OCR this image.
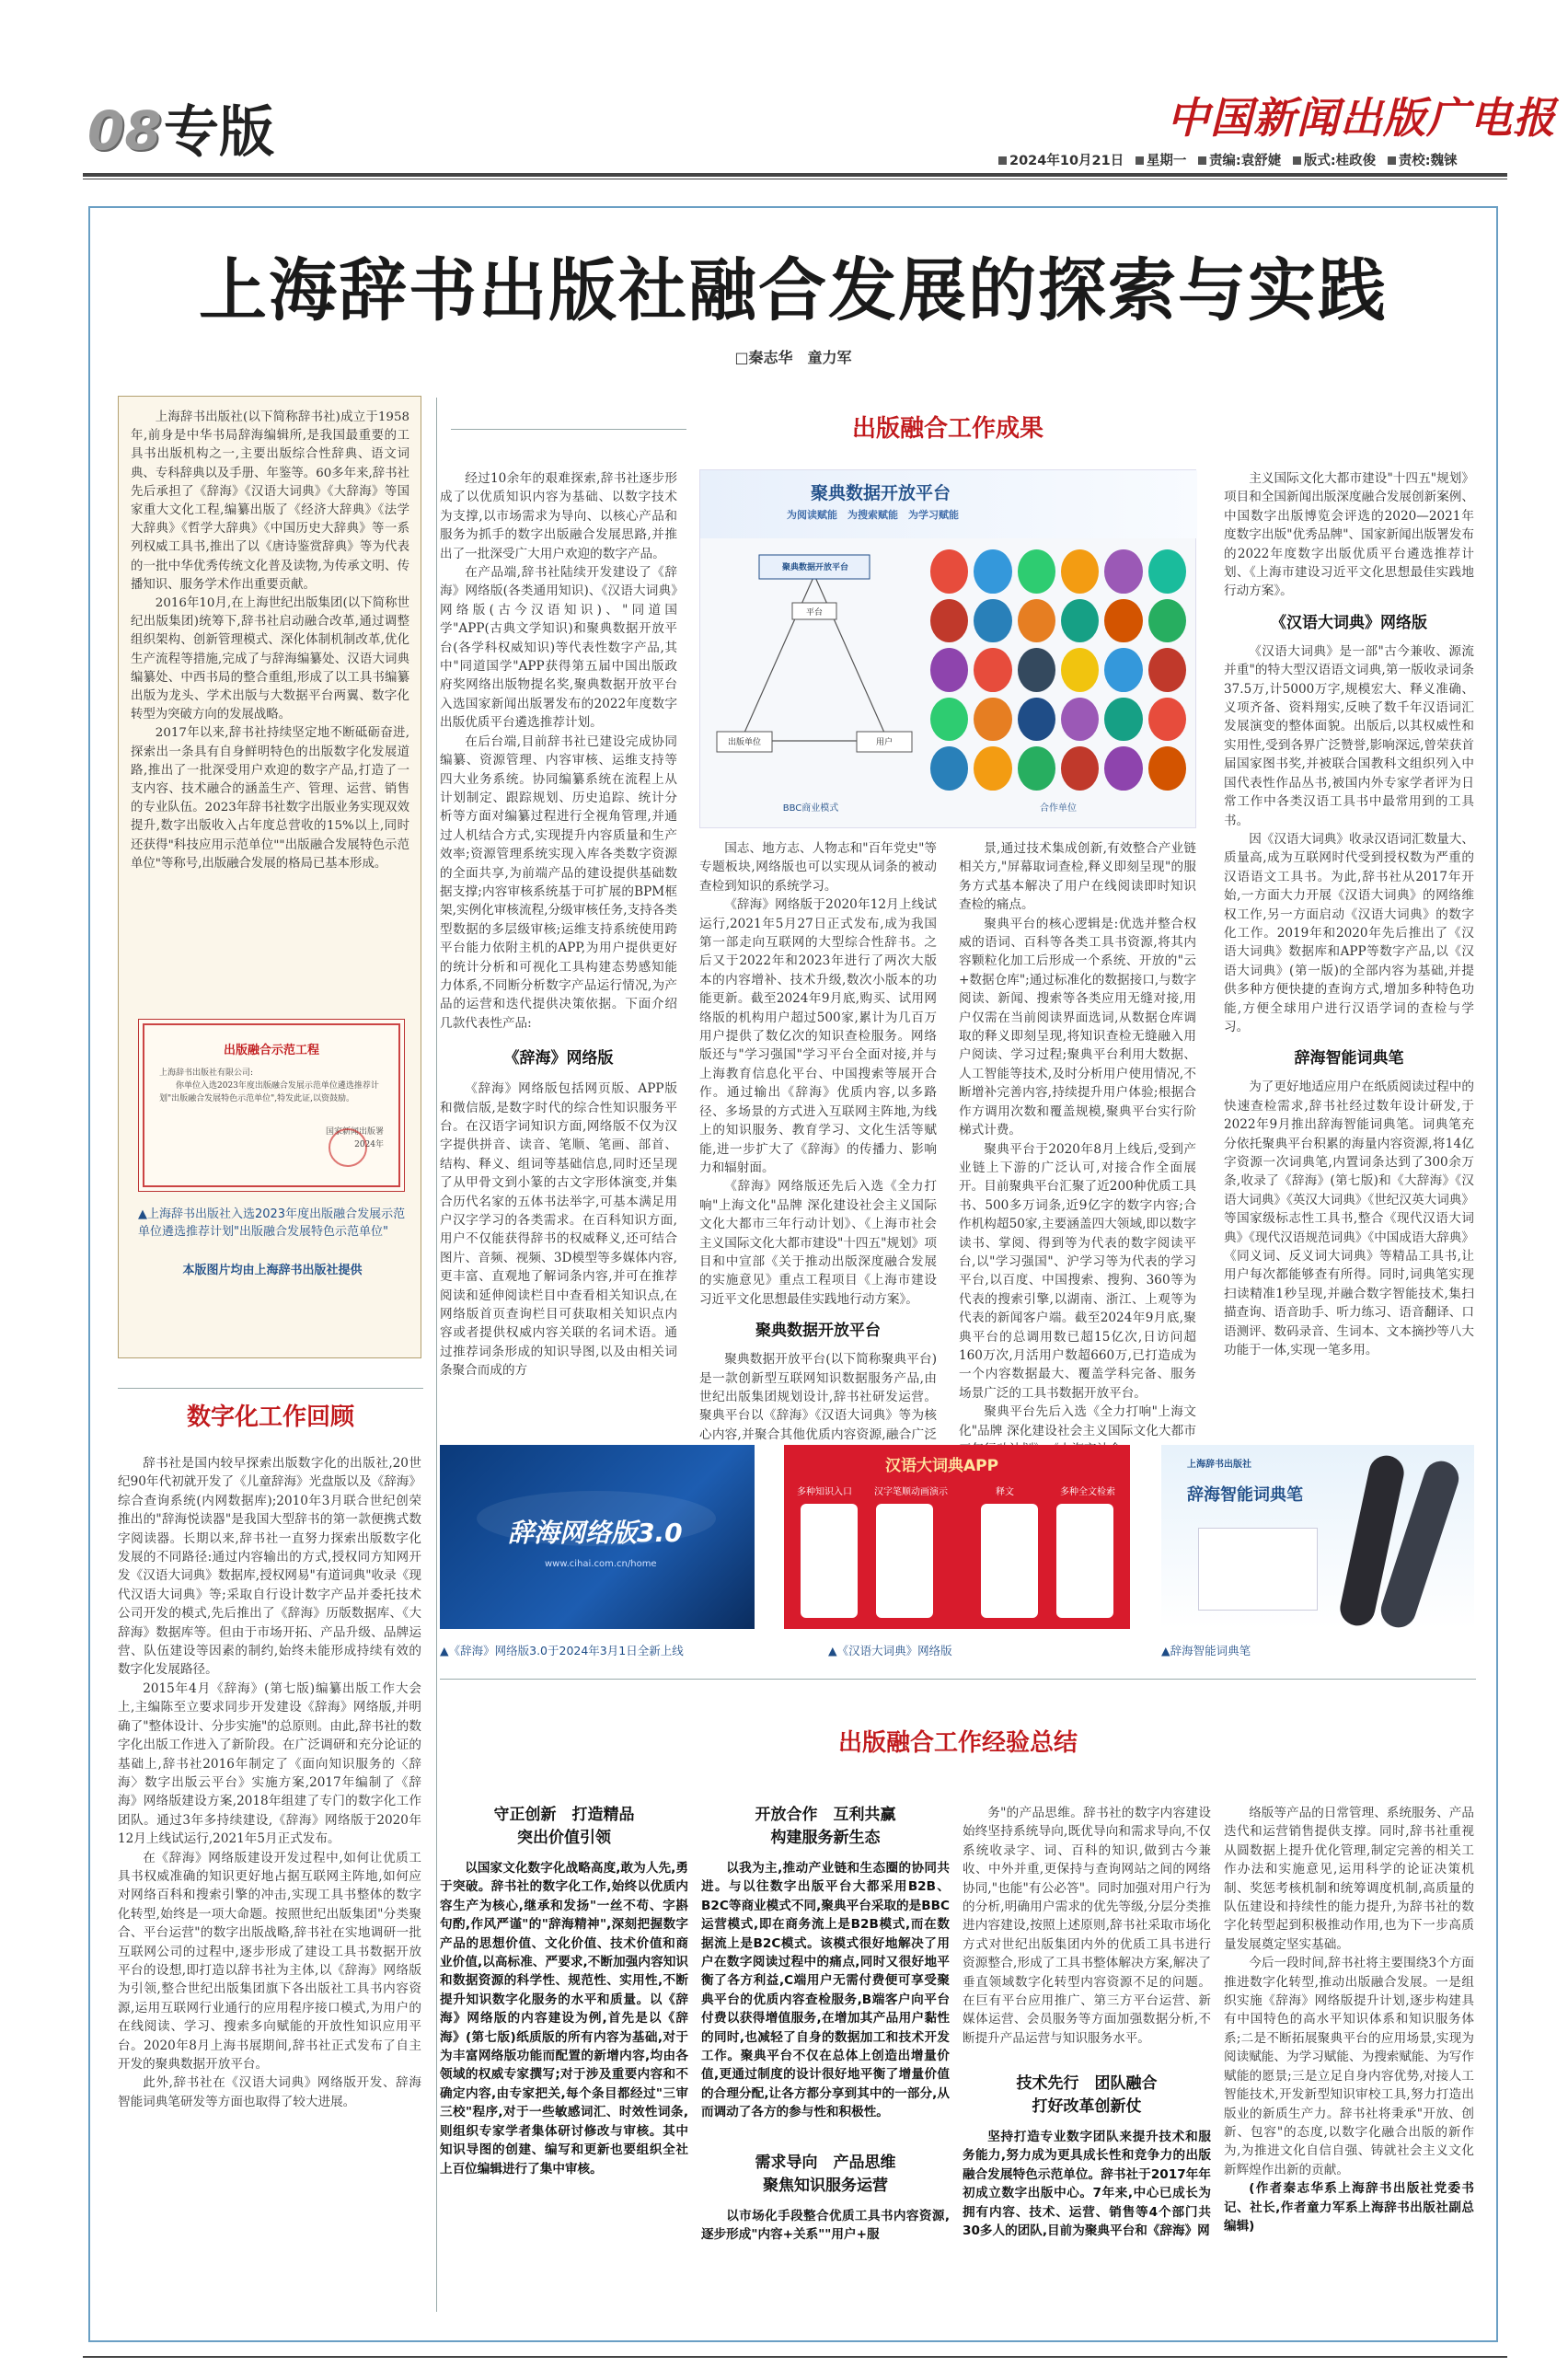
08 专版	中国新闻出版广电报
2024年10月21日 星期一 责编:袁舒婕 版式:桂政俊 责校:魏铼
上海辞书出版社融合发展的探索与实践
□秦志华　童力军

上海辞书出版社(以下简称辞书社)成立于1958年,前身是中华书局辞海编辑所,是我国最重要的工具书出版机构之一,主要出版综合性辞典、语文词典、专科辞典以及手册、年鉴等。60多年来,辞书社先后承担了《辞海》《汉语大词典》《大辞海》等国家重大文化工程,编纂出版了《经济大辞典》《法学大辞典》《哲学大辞典》《中国历史大辞典》等一系列权威工具书,推出了以《唐诗鉴赏辞典》等为代表的一批中华优秀传统文化普及读物,为传承文明、传播知识、服务学术作出重要贡献。

2016年10月,在上海世纪出版集团(以下简称世纪出版集团)统筹下,辞书社启动融合改革,通过调整组织架构、创新管理模式、深化体制机制改革,优化生产流程等措施,完成了与辞海编纂处、汉语大词典编纂处、中西书局的整合重组,形成了以工具书编纂出版为龙头、学术出版与大数据平台两翼、数字化转型为突破方向的发展战略。

2017年以来,辞书社持续坚定地不断砥砺奋进,探索出一条具有自身鲜明特色的出版数字化发展道路,推出了一批深受用户欢迎的数字产品,打造了一支内容、技术融合的涵盖生产、管理、运营、销售的专业队伍。2023年辞书社数字出版业务实现双效提升,数字出版收入占年度总营收的15%以上,同时还获得"科技应用示范单位""出版融合发展特色示范单位"等称号,出版融合发展的格局已基本形成。

出版融合示范工程
上海辞书出版社有限公司:
你单位入选2023年度出版融合发展示范单位遴选推荐计划"出版融合发展特色示范单位",特发此证,以资鼓励。
国家新闻出版署
2024年
▲上海辞书出版社入选2023年度出版融合发展示范单位遴选推荐计划"出版融合发展特色示范单位"
本版图片均由上海辞书出版社提供
数字化工作回顾

辞书社是国内较早探索出版数字化的出版社,20世纪90年代初就开发了《儿童辞海》光盘版以及《辞海》综合查询系统(内网数据库);2010年3月联合世纪创荣推出的"辞海悦读器"是我国大型辞书的第一款便携式数字阅读器。长期以来,辞书社一直努力探索出版数字化发展的不同路径:通过内容输出的方式,授权同方知网开发《汉语大词典》数据库,授权网易"有道词典"收录《现代汉语大词典》等;采取自行设计数字产品并委托技术公司开发的模式,先后推出了《辞海》历版数据库、《大辞海》数据库等。但由于市场开拓、产品升级、品牌运营、队伍建设等因素的制约,始终未能形成持续有效的数字化发展路径。

2015年4月《辞海》(第七版)编纂出版工作大会上,主编陈至立要求同步开发建设《辞海》网络版,并明确了"整体设计、分步实施"的总原则。由此,辞书社的数字化出版工作进入了新阶段。在广泛调研和充分论证的基础上,辞书社2016年制定了《面向知识服务的〈辞海〉数字出版云平台》实施方案,2017年编制了《辞海》网络版建设方案,2018年组建了专门的数字化工作团队。通过3年多持续建设,《辞海》网络版于2020年12月上线试运行,2021年5月正式发布。

在《辞海》网络版建设开发过程中,如何让优质工具书权威准确的知识更好地占据互联网主阵地,如何应对网络百科和搜索引擎的冲击,实现工具书整体的数字化转型,始终是一项大命题。按照世纪出版集团"分类聚合、平台运营"的数字出版战略,辞书社在实地调研一批互联网公司的过程中,逐步形成了建设工具书数据开放平台的设想,即打造以辞书社为主体,以《辞海》网络版为引领,整合世纪出版集团旗下各出版社工具书内容资源,运用互联网行业通行的应用程序接口模式,为用户的在线阅读、学习、搜索多向赋能的开放性知识应用平台。2020年8月上海书展期间,辞书社正式发布了自主开发的聚典数据开放平台。

此外,辞书社在《汉语大词典》网络版开发、辞海智能词典笔研发等方面也取得了较大进展。

出版融合工作成果

经过10余年的艰难探索,辞书社逐步形成了以优质知识内容为基础、以数字技术为支撑,以市场需求为导向、以核心产品和服务为抓手的数字出版融合发展思路,并推出了一批深受广大用户欢迎的数字产品。

在产品端,辞书社陆续开发建设了《辞海》网络版(各类通用知识)、《汉语大词典》网络版(古今汉语知识)、"同道国学"APP(古典文学知识)和聚典数据开放平台(各学科权威知识)等代表性数字产品,其中"同道国学"APP获得第五届中国出版政府奖网络出版物提名奖,聚典数据开放平台入选国家新闻出版署发布的2022年度数字出版优质平台遴选推荐计划。

在后台端,目前辞书社已建设完成协同编纂、资源管理、内容审核、运维支持等四大业务系统。协同编纂系统在流程上从计划制定、跟踪规划、历史追踪、统计分析等方面对编纂过程进行全视角管理,并通过人机结合方式,实现提升内容质量和生产效率;资源管理系统实现入库各类数字资源的全面共享,为前端产品的建设提供基础数据支撑;内容审核系统基于可扩展的BPM框架,实例化审核流程,分级审核任务,支持各类型数据的多层级审核;运维支持系统使用跨平台能力依附主机的APP,为用户提供更好的统计分析和可视化工具构建态势感知能力体系,不同断分析数字产品运行情况,为产品的运营和迭代提供决策依据。下面介绍几款代表性产品:

《辞海》网络版

《辞海》网络版包括网页版、APP版和微信版,是数字时代的综合性知识服务平台。在汉语字词知识方面,网络版不仅为汉字提供拼音、读音、笔顺、笔画、部首、结构、释义、组词等基础信息,同时还呈现了从甲骨文到小篆的古文字形体演变,并集合历代名家的五体书法举字,可基本满足用户汉字学习的各类需求。在百科知识方面,用户不仅能获得辞书的权威释义,还可结合图片、音频、视频、3D模型等多媒体内容,更丰富、直观地了解词条内容,并可在推荐阅读和延伸阅读栏目中查看相关知识点,在网络版首页查询栏目可获取相关知识点内容或者提供权威内容关联的名词术语。通过推荐词条形成的知识导图,以及由相关词条聚合而成的方

聚典数据开放平台
为阅读赋能　为搜索赋能　为学习赋能
聚典数据开放平台
出版单位	用户
平台
BBC商业模式	合作单位

国志、地方志、人物志和"百年党史"等专题板块,网络版也可以实现从词条的被动查检到知识的系统学习。

《辞海》网络版于2020年12月上线试运行,2021年5月27日正式发布,成为我国第一部走向互联网的大型综合性辞书。之后又于2022年和2023年进行了两次大版本的内容增补、技术升级,数次小版本的功能更新。截至2024年9月底,购买、试用网络版的机构用户超过500家,累计为几百万用户提供了数亿次的知识查检服务。网络版还与"学习强国"学习平台全面对接,并与上海教育信息化平台、中国搜索等展开合作。通过输出《辞海》优质内容,以多路径、多场景的方式进入互联网主阵地,为线上的知识服务、教育学习、文化生活等赋能,进一步扩大了《辞海》的传播力、影响力和辐射面。

《辞海》网络版还先后入选《全力打响"上海文化"品牌 深化建设社会主义国际文化大都市三年行动计划》、《上海市社会主义国际文化大都市建设"十四五"规划》项目和中宣部《关于推动出版深度融合发展的实施意见》重点工程项目《上海市建设习近平文化思想最佳实践地行动方案》。

聚典数据开放平台

聚典数据开放平台(以下简称聚典平台)是一款创新型互联网知识数据服务产品,由世纪出版集团规划设计,辞书社研发运营。聚典平台以《辞海》《汉语大词典》等为核心内容,并聚合其他优质内容资源,融合广泛

景,通过技术集成创新,有效整合产业链相关方,"屏幕取词查检,释义即刻呈现"的服务方式基本解决了用户在线阅读即时知识查检的痛点。

聚典平台的核心逻辑是:优选并整合权威的语词、百科等各类工具书资源,将其内容颗粒化加工后形成一个系统、开放的"云+数据仓库";通过标准化的数据接口,与数字阅读、新闻、搜索等各类应用无缝对接,用户仅需在当前阅读界面选词,从数据仓库调取的释义即刻呈现,将知识查检无缝融入用户阅读、学习过程;聚典平台利用大数据、人工智能等技术,及时分析用户使用情况,不断增补完善内容,持续提升用户体验;根据合作方调用次数和覆盖规模,聚典平台实行阶梯式计费。

聚典平台于2020年8月上线后,受到产业链上下游的广泛认可,对接合作全面展开。目前聚典平台汇聚了近200种优质工具书、500多万词条,近9亿字的数字内容;合作机构超50家,主要涵盖四大领域,即以数字读书、掌阅、得到等为代表的数字阅读平台,以"学习强国"、沪学习等为代表的学习平台,以百度、中国搜索、搜狗、360等为代表的搜索引擎,以湖南、浙江、上观等为代表的新闻客户端。截至2024年9月底,聚典平台的总调用数已超15亿次,日访问超160万次,月活用户数超660万,已打造成为一个内容数据最大、覆盖学科完备、服务场景广泛的工具书数据开放平台。

聚典平台先后入选《全力打响"上海文化"品牌 深化建设社会主义国际文化大都市

主义国际文化大都市建设"十四五"规划》项目和全国新闻出版深度融合发展创新案例、中国数字出版博览会评选的2020—2021年度数字出版"优秀品牌"、国家新闻出版署发布的2022年度数字出版优质平台遴选推荐计划、《上海市建设习近平文化思想最佳实践地行动方案》。

《汉语大词典》网络版

《汉语大词典》是一部"古今兼收、源流并重"的特大型汉语语文词典,第一版收录词条37.5万,计5000万字,规模宏大、释义准确、义项齐备、资料翔实,反映了数千年汉语词汇发展演变的整体面貌。出版后,以其权威性和实用性,受到各界广泛赞誉,影响深远,曾荣获首届国家图书奖,并被联合国教科文组织列入中国代表性作品丛书,被国内外专家学者评为日常工作中各类汉语工具书中最常用到的工具书。

因《汉语大词典》收录汉语词汇数量大、质量高,成为互联网时代受到授权数为严重的汉语语文工具书。为此,辞书社从2017年开始,一方面大力开展《汉语大词典》的网络维权工作,另一方面启动《汉语大词典》的数字化工作。2019年和2020年先后推出了《汉语大词典》数据库和APP等数字产品,以《汉语大词典》(第一版)的全部内容为基础,并提供多种方便快捷的查询方式,增加多种特色功能,方便全球用户进行汉语学词的查检与学习。

辞海智能词典笔

为了更好地适应用户在纸质阅读过程中的快速查检需求,辞书社经过数年设计研发,于2022年9月推出辞海智能词典笔。词典笔充分依托聚典平台积累的海量内容资源,将14亿字资源一次词典笔,内置词条达到了300余万条,收录了《辞海》(第七版)和《大辞海》《汉语大词典》《英汉大词典》《世纪汉英大词典》等国家级标志性工具书,整合《现代汉语大词典》《现代汉语规范词典》《中国成语大辞典》《同义词、反义词大词典》等精品工具书,让用户每次都能够查有所得。同时,词典笔实现扫读精准1秒呈现,并融合数字智能技术,集扫描查询、语音助手、听力练习、语音翻译、口语测评、数码录音、生词本、文本摘抄等八大功能于一体,实现一笔多用。

辞海网络版3.0
www.cihai.com.cn/home
汉语大词典APP
多种知识入口 汉字笔顺动画演示	释文	多种全文检索
上海辞书出版社
辞海智能词典笔
▲《辞海》网络版3.0于2024年3月1日全新上线	▲《汉语大词典》网络版	▲辞海智能词典笔
出版融合工作经验总结
守正创新　打造精品
突出价值引领

以国家文化数字化战略高度,敢为人先,勇于突破。辞书社的数字化工作,始终以优质内容生产为核心,继承和发扬"一丝不苟、字斟句酌,作风严谨"的"辞海精神",深刻把握数字产品的思想价值、文化价值、技术价值和商业价值,以高标准、严要求,不断加强内容知识和数据资源的科学性、规范性、实用性,不断提升知识数字化服务的水平和质量。以《辞海》网络版的内容建设为例,首先是以《辞海》(第七版)纸质版的所有内容为基础,对于为丰富网络版功能而配置的新增内容,均由各领域的权威专家撰写;对于涉及重要内容和不确定内容,由专家把关,每个条目都经过"三审三校"程序,对于一些敏感词汇、时效性词条,则组织专家学者集体研讨修改与审核。其中知识导图的创建、编写和更新也要组织全社上百位编辑进行了集中审核。

开放合作　互利共赢
构建服务新生态

以我为主,推动产业链和生态圈的协同共进。与以往数字出版平台大都采用B2B、B2C等商业模式不同,聚典平台采取的是BBC运营模式,即在商务流上是B2B模式,而在数据流上是B2C模式。该模式很好地解决了用户在数字阅读过程中的痛点,同时又很好地平衡了各方利益,C端用户无需付费便可享受聚典平台的优质内容查检服务,B端客户向平台付费以获得增值服务,在增加其产品用户黏性的同时,也减轻了自身的数据加工和技术开发工作。聚典平台不仅在总体上创造出增量价值,更通过制度的设计很好地平衡了增量价值的合理分配,让各方都分享到其中的一部分,从而调动了各方的参与性和积极性。

需求导向　产品思维
聚焦知识服务运营

以市场化手段整合优质工具书内容资源,逐步形成"内容+关系""用户+服

务"的产品思维。辞书社的数字内容建设始终坚持系统导向,既优导向和需求导向,不仅系统收录字、词、百科的知识,做到古今兼收、中外并重,更保持与查询网站之间的网络协同,"也能"有公必答"。同时加强对用户行为的分析,明确用户需求的优先等级,分层分类推进内容建设,按照上述原则,辞书社采取市场化方式对世纪出版集团内外的优质工具书进行资源整合,形成了工具书整体解决方案,解决了垂直领域数字化转型内容资源不足的问题。在巨有平台应用推广、第三方平台运营、新媒体运营、会员服务等方面加强数据分析,不断提升产品运营与知识服务水平。

技术先行　团队融合
打好改革创新仗

坚持打造专业数字团队来提升技术和服务能力,努力成为更具成长性和竞争力的出版融合发展特色示范单位。辞书社于2017年年初成立数字出版中心。7年来,中心已成长为拥有内容、技术、运营、销售等4个部门共30多人的团队,目前为聚典平台和《辞海》网

络版等产品的日常管理、系统服务、产品迭代和运营销售提供支撑。同时,辞书社重视从圆数据上提升优化管理,制定完善的相关工作办法和实施意见,运用科学的论证决策机制、奖惩考核机制和统筹调度机制,高质量的队伍建设和持续性的能力提升,为辞书社的数字化转型起到积极推动作用,也为下一步高质量发展奠定坚实基础。

今后一段时间,辞书社将主要围绕3个方面推进数字化转型,推动出版融合发展。一是组织实施《辞海》网络版提升计划,逐步构建具有中国特色的高水平知识体系和知识服务体系;二是不断拓展聚典平台的应用场景,实现为阅读赋能、为学习赋能、为搜索赋能、为写作赋能的愿景;三是立足自身内容优势,对接人工智能技术,开发新型知识审校工具,努力打造出版业的新质生产力。辞书社将秉承"开放、创新、包容"的态度,以数字化融合出版的新作为,为推进文化自信自强、铸就社会主义文化新辉煌作出新的贡献。

(作者秦志华系上海辞书出版社党委书记、社长,作者童力军系上海辞书出版社副总编辑)
